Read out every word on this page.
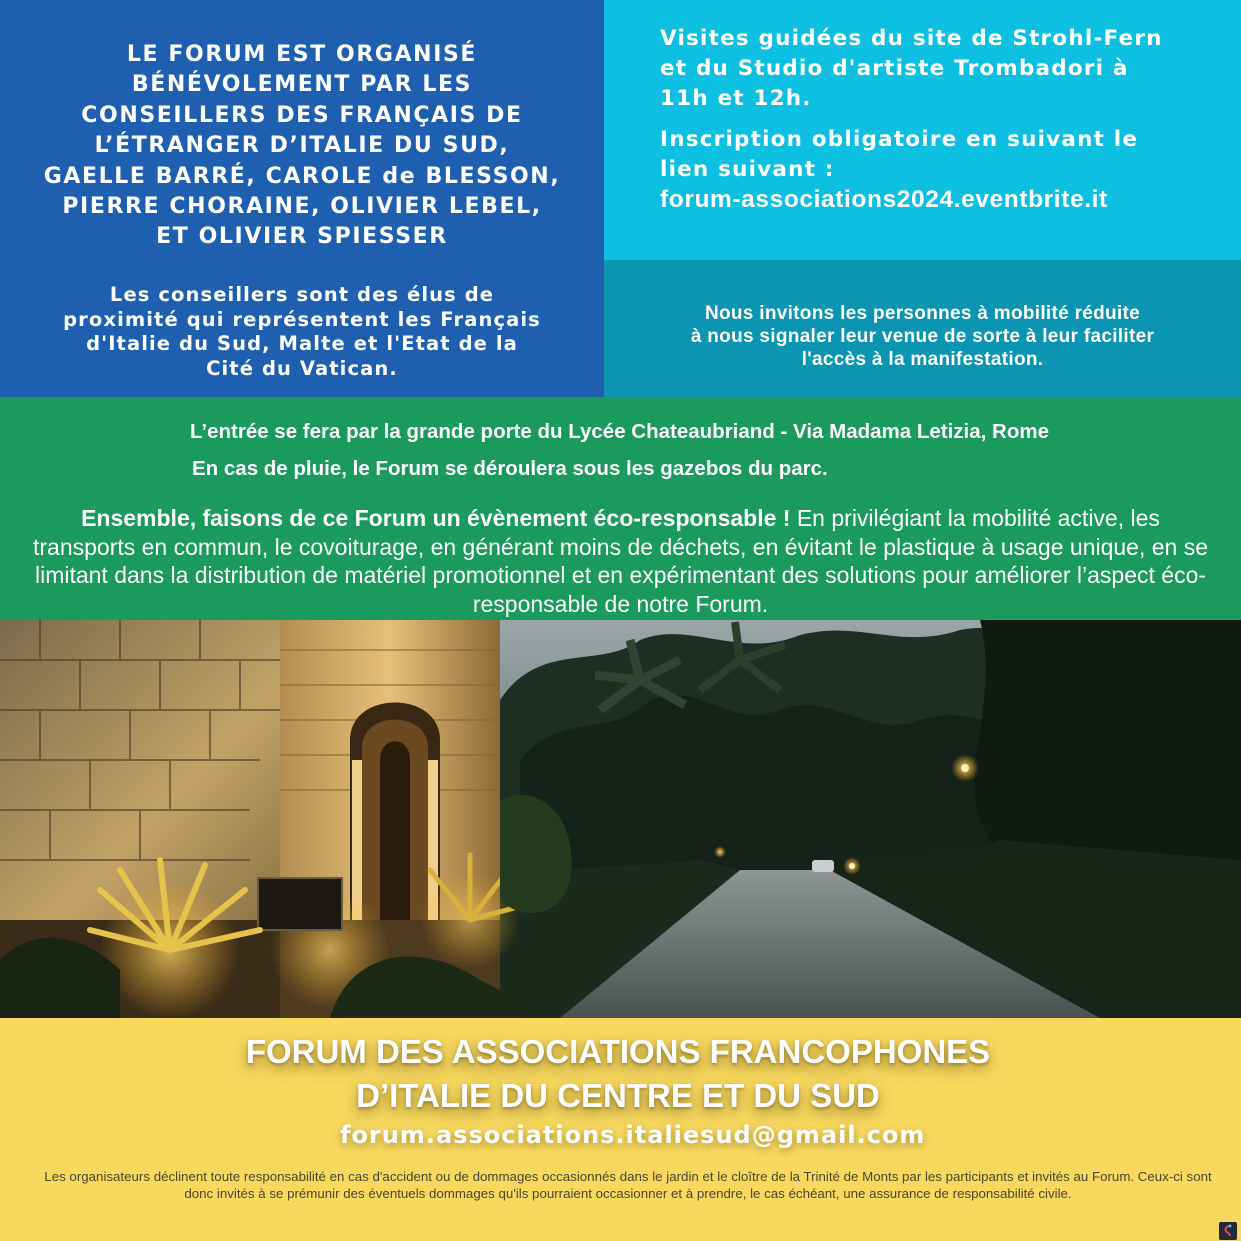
LE FORUM EST ORGANISÉ
BÉNÉVOLEMENT PAR LES
CONSEILLERS DES FRANÇAIS DE
L’ÉTRANGER D’ITALIE DU SUD,
GAELLE BARRÉ, CAROLE de BLESSON,
PIERRE CHORAINE, OLIVIER LEBEL,
ET OLIVIER SPIESSER

Les conseillers sont des élus de
proximité qui représentent les Français
d'Italie du Sud, Malte et l'Etat de la
Cité du Vatican.

Visites guidées du site de Strohl-Fern
et du Studio d'artiste Trombadori à
11h et 12h.

Inscription obligatoire en suivant le
lien suivant :

forum-associations2024.eventbrite.it

Nous invitons les personnes à mobilité réduite
à nous signaler leur venue de sorte à leur faciliter
l'accès à la manifestation.

L’entrée se fera par la grande porte du Lycée Chateaubriand - Via Madama Letizia, Rome

En cas de pluie, le Forum se déroulera sous les gazebos du parc.

Ensemble, faisons de ce Forum un évènement éco-responsable ! En privilégiant la mobilité active, les transports en commun, le covoiturage, en générant moins de déchets, en évitant le plastique à usage unique, en se limitant dans la distribution de matériel promotionnel et en expérimentant des solutions pour améliorer l’aspect éco-responsable de notre Forum.

FORUM DES ASSOCIATIONS FRANCOPHONES
D’ITALIE DU CENTRE ET DU SUD
forum.associations.italiesud@gmail.com

Les organisateurs déclinent toute responsabilité en cas d'accident ou de dommages occasionnés dans le jardin et le cloître de la Trinité de Monts par les participants et invités au Forum. Ceux-ci sont donc invités à se prémunir des éventuels dommages qu'ils pourraient occasionner et à prendre, le cas échéant, une assurance de responsabilité civile.
